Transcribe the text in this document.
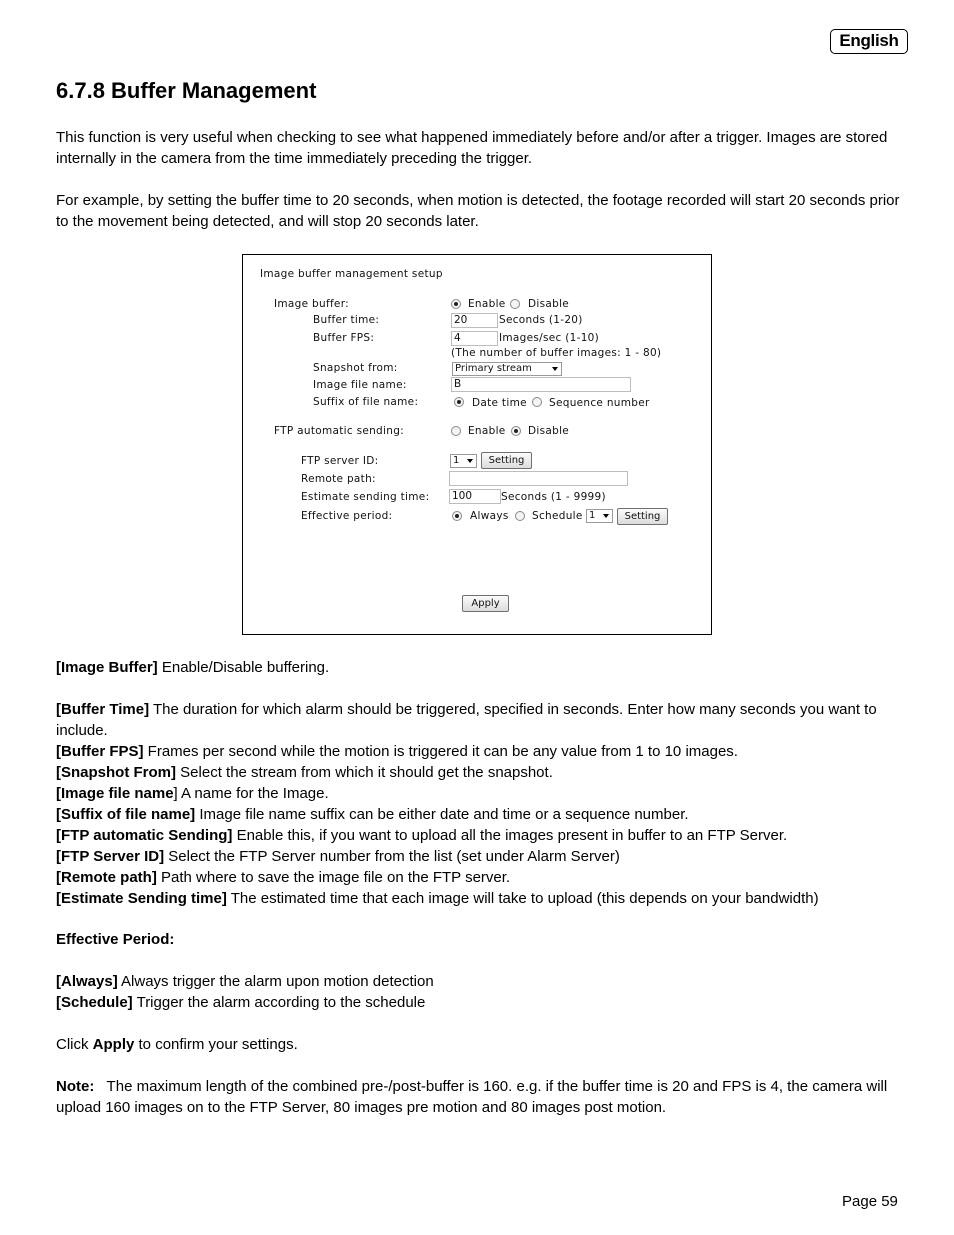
English
6.7.8 Buffer Management

This function is very useful when checking to see what happened immediately before and/or after a trigger. Images are stored internally in the camera from the time immediately preceding the trigger.

For example, by setting the buffer time to 20 seconds, when motion is detected, the footage recorded will start 20 seconds prior to the movement being detected, and will stop 20 seconds later.

Image buffer management setup
Image buffer:	Enable Disable
Buffer time:	20	Seconds (1-20)
Buffer FPS:	4	Images/sec (1-10)
(The number of buffer images: 1 - 80)
Snapshot from:	Primary stream
Image file name:	B
Suffix of file name:	Date time Sequence number
FTP automatic sending:	Enable Disable
FTP server ID:	1	Setting
Remote path:
Estimate sending time: 100	Seconds (1 - 9999)
Effective period:	Always Schedule 1	Setting
Apply

[Image Buffer] Enable/Disable buffering.

[Buffer Time] The duration for which alarm should be triggered, specified in seconds. Enter how many seconds you want to include.

[Buffer FPS] Frames per second while the motion is triggered it can be any value from 1 to 10 images.

[Snapshot From] Select the stream from which it should get the snapshot.

[Image file name] A name for the Image.

[Suffix of file name] Image file name suffix can be either date and time or a sequence number.

[FTP automatic Sending] Enable this, if you want to upload all the images present in buffer to an FTP Server.

[FTP Server ID] Select the FTP Server number from the list (set under Alarm Server)

[Remote path] Path where to save the image file on the FTP server.

[Estimate Sending time] The estimated time that each image will take to upload (this depends on your bandwidth)

Effective Period:

[Always] Always trigger the alarm upon motion detection

[Schedule] Trigger the alarm according to the schedule

Click Apply to confirm your settings.

Note:   The maximum length of the combined pre-/post-buffer is 160. e.g. if the buffer time is 20 and FPS is 4, the camera will upload 160 images on to the FTP Server, 80 images pre motion and 80 images post motion.

Page 59
